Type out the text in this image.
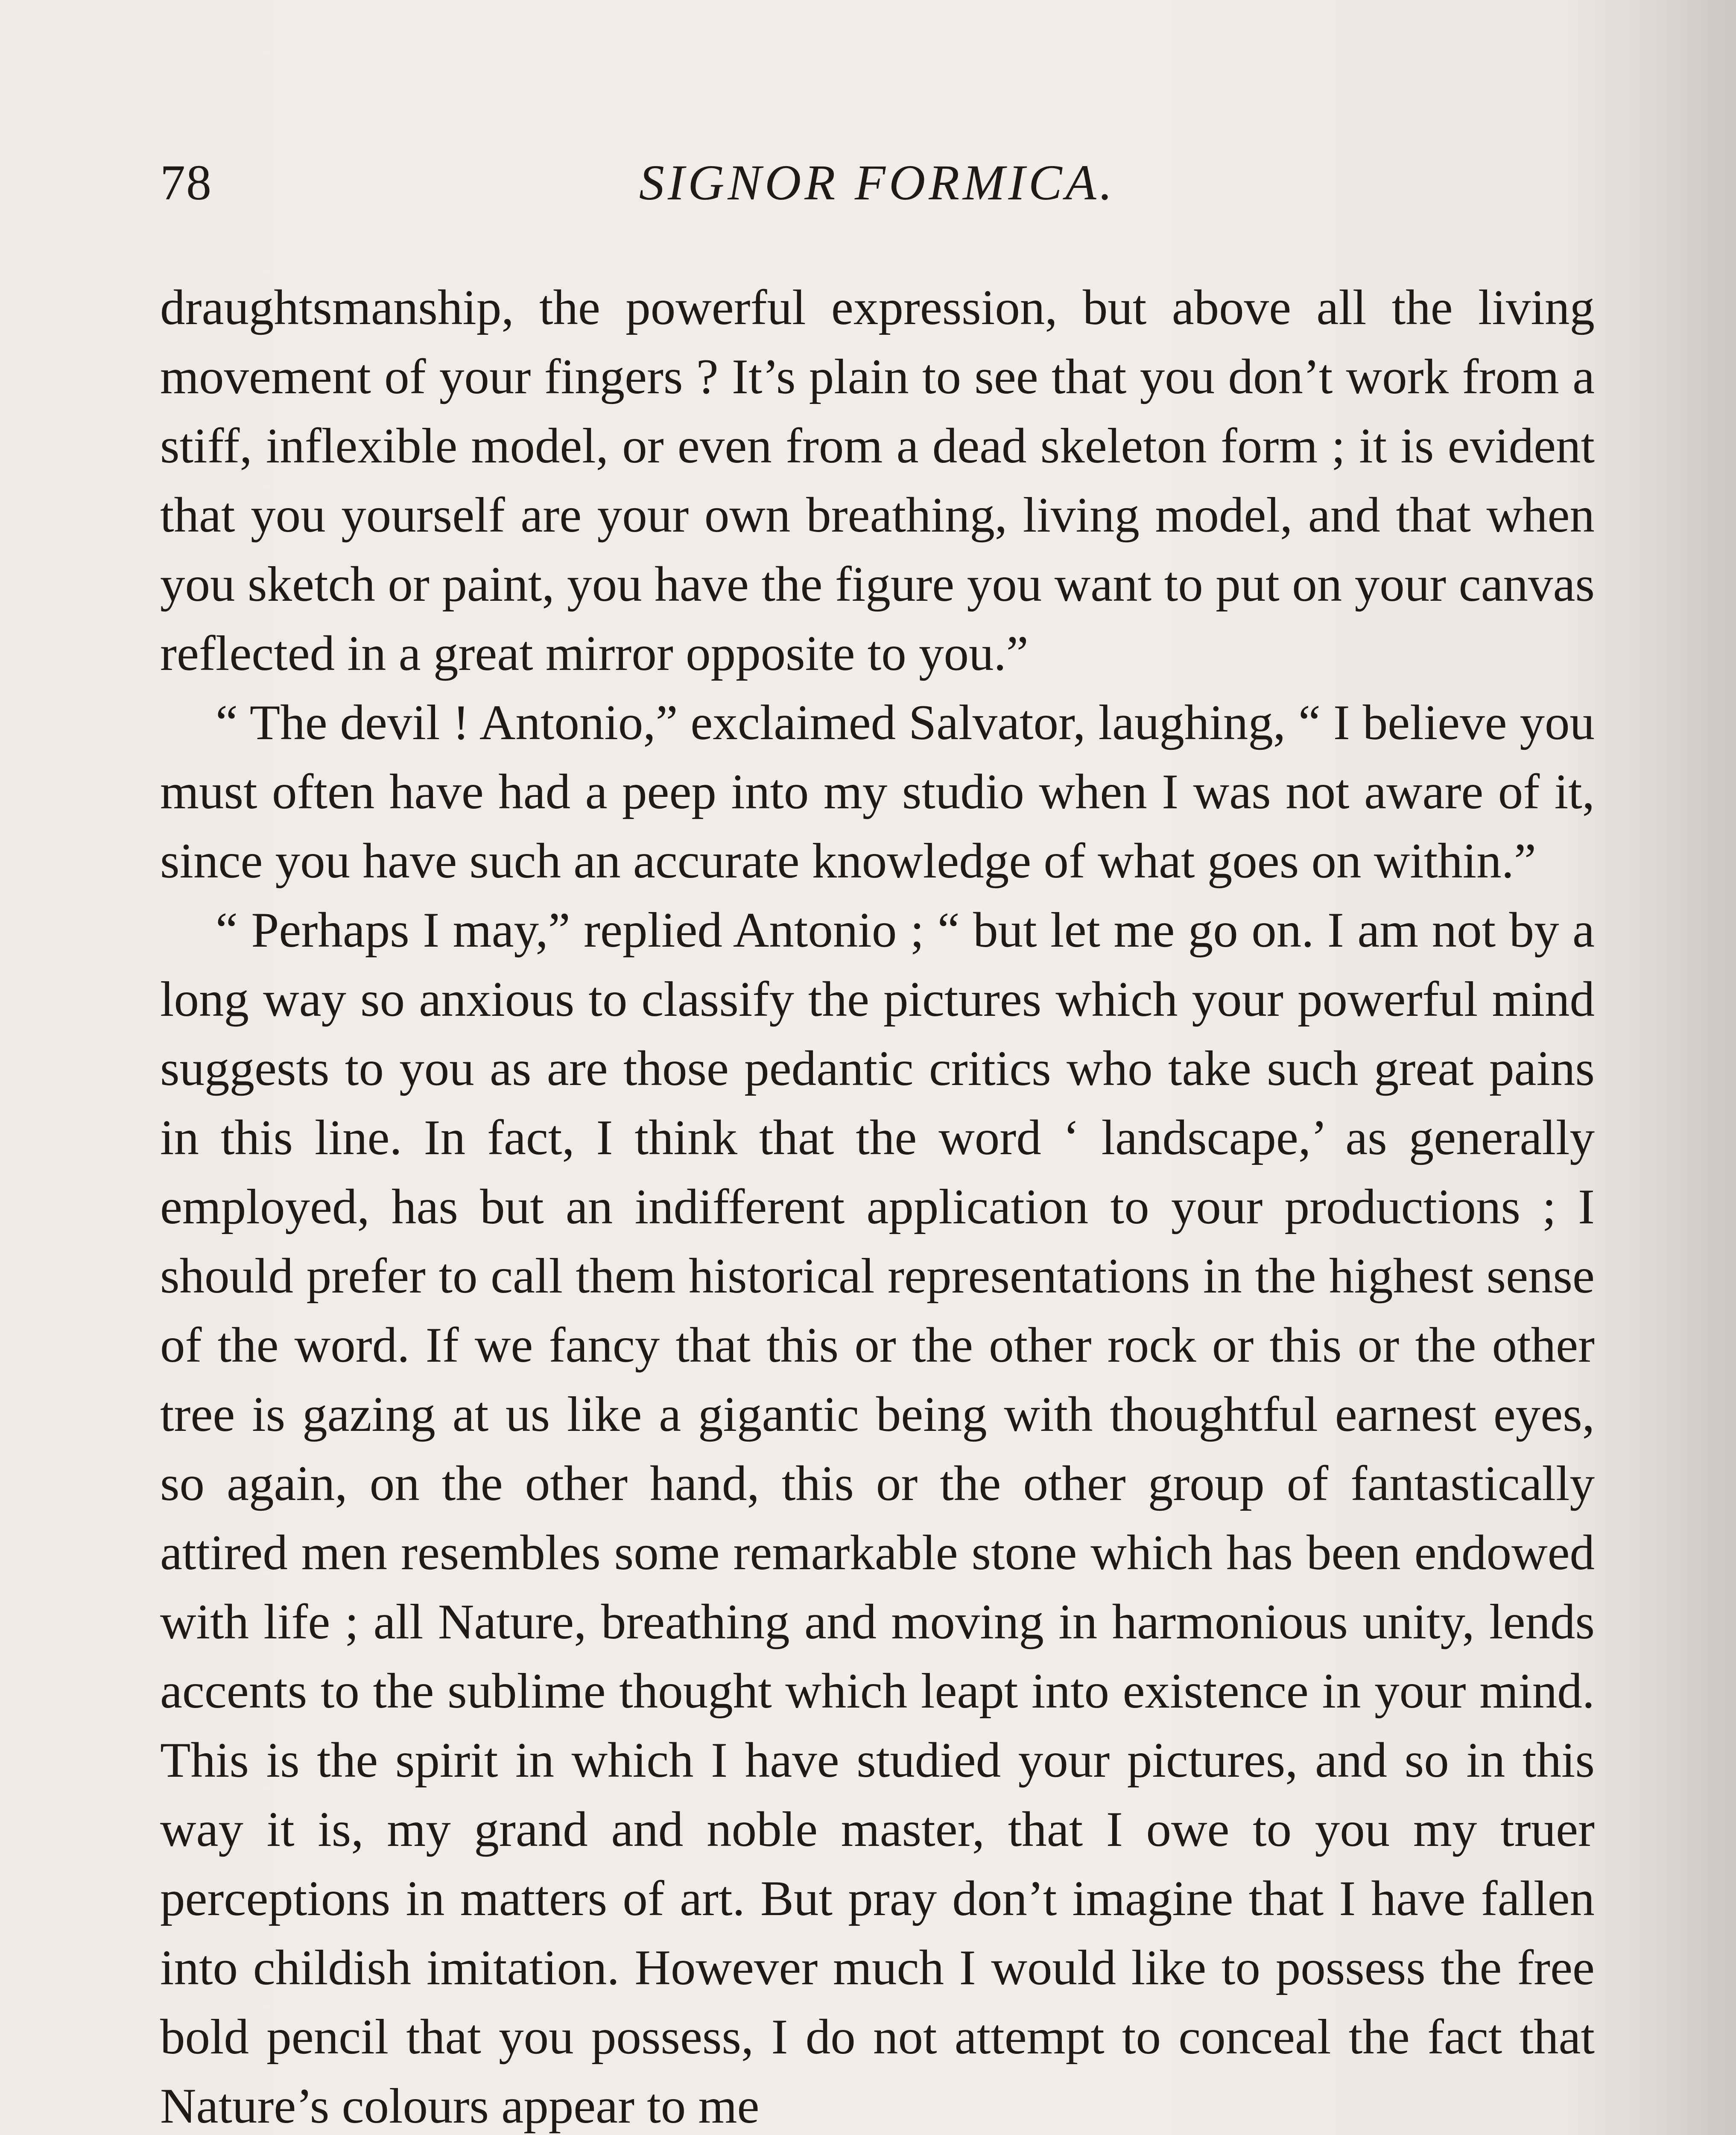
78	SIGNOR FORMICA.

draughtsmanship, the powerful expression, but above all the living movement of your fingers ? It’s plain to see that you don’t work from a stiff, inflexible model, or even from a dead skeleton form ; it is evident that you yourself are your own breathing, living model, and that when you sketch or paint, you have the figure you want to put on your canvas reflected in a great mirror opposite to you.”

“ The devil ! Antonio,” exclaimed Salvator, laughing, “ I believe you must often have had a peep into my studio when I was not aware of it, since you have such an accurate knowledge of what goes on within.”

“ Perhaps I may,” replied Antonio ; “ but let me go on. I am not by a long way so anxious to classify the pictures which your powerful mind suggests to you as are those pedantic critics who take such great pains in this line. In fact, I think that the word ‘ landscape,’ as generally employed, has but an indifferent application to your productions ; I should prefer to call them historical representations in the highest sense of the word. If we fancy that this or the other rock or this or the other tree is gazing at us like a gigantic being with thoughtful earnest eyes, so again, on the other hand, this or the other group of fantastically attired men resembles some remarkable stone which has been endowed with life ; all Nature, breathing and moving in harmonious unity, lends accents to the sublime thought which leapt into existence in your mind. This is the spirit in which I have studied your pictures, and so in this way it is, my grand and noble master, that I owe to you my truer perceptions in matters of art. But pray don’t imagine that I have fallen into childish imitation. However much I would like to possess the free bold pencil that you possess, I do not attempt to conceal the fact that Nature’s colours appear to me
